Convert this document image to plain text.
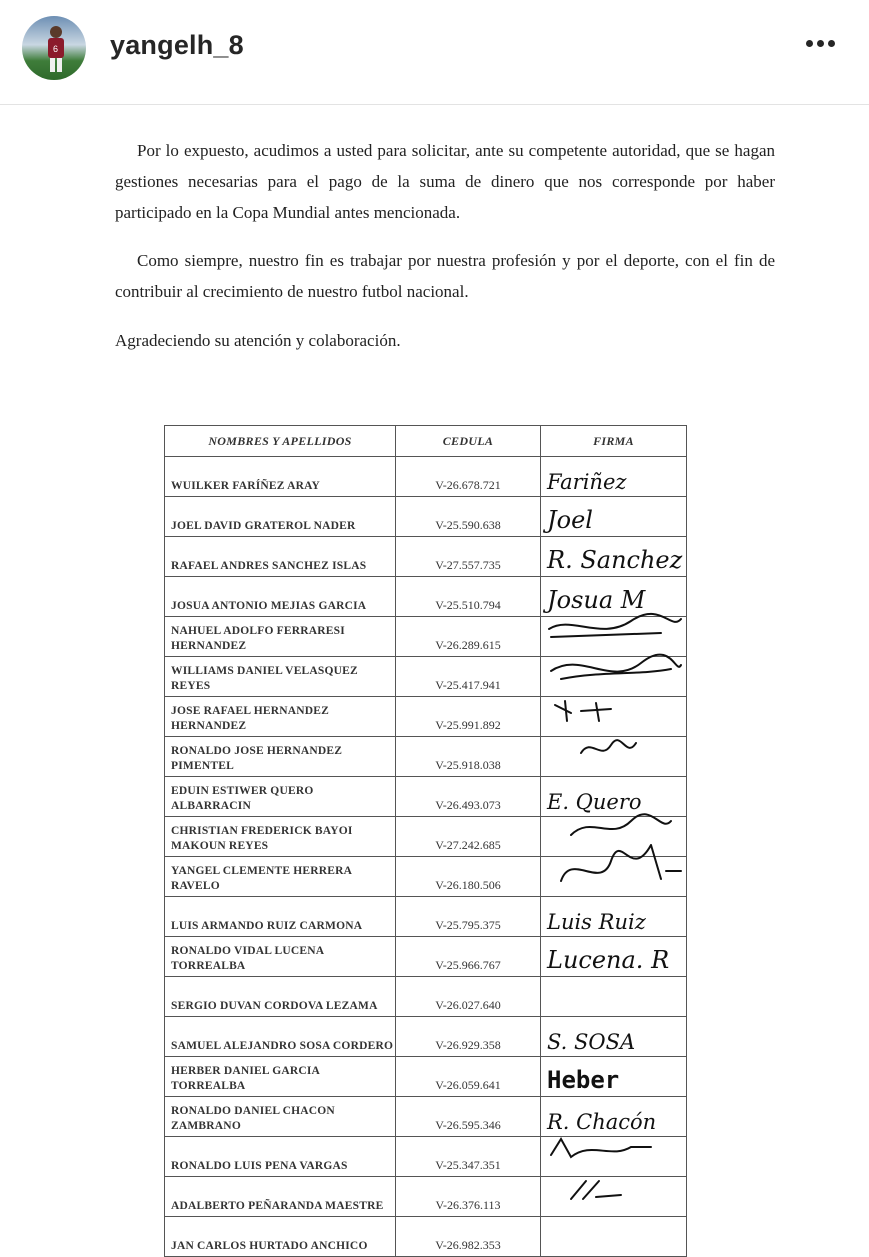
6 yangelh_8

Por lo expuesto, acudimos a usted para solicitar, ante su competente autoridad, que se hagan gestiones necesarias para el pago de la suma de dinero que nos corresponde por haber participado en la Copa Mundial antes mencionada.

Como siempre, nuestro fin es trabajar por nuestra profesión y por el deporte, con el fin de contribuir al crecimiento de nuestro futbol nacional.

Agradeciendo su atención y colaboración.

NOMBRES Y APELLIDOS	CEDULA	FIRMA
WUILKER FARÍÑEZ ARAY	V-26.678.721	Fariñez

JOEL DAVID GRATEROL NADER	V-25.590.638	Joel

RAFAEL ANDRES SANCHEZ ISLAS	V-27.557.735	R. Sanchez

JOSUA ANTONIO MEJIAS GARCIA	V-25.510.794	Josua M

NAHUEL ADOLFO FERRARESI HERNANDEZ	V-26.289.615	

WILLIAMS DANIEL VELASQUEZ REYES	V-25.417.941	

JOSE RAFAEL HERNANDEZ HERNANDEZ	V-25.991.892	

RONALDO JOSE HERNANDEZ PIMENTEL	V-25.918.038	

EDUIN ESTIWER QUERO ALBARRACIN	V-26.493.073	E. Quero

CHRISTIAN FREDERICK BAYOI MAKOUN REYES	V-27.242.685	

YANGEL CLEMENTE HERRERA RAVELO	V-26.180.506	

LUIS ARMANDO RUIZ CARMONA	V-25.795.375	Luis Ruiz

RONALDO VIDAL LUCENA TORREALBA	V-25.966.767	Lucena. R

SERGIO DUVAN CORDOVA LEZAMA	V-26.027.640	
SAMUEL ALEJANDRO SOSA CORDERO	V-26.929.358	S. SOSA

HERBER DANIEL GARCIA TORREALBA	V-26.059.641	Heber

RONALDO DANIEL CHACON ZAMBRANO	V-26.595.346	R. Chacón

RONALDO LUIS PENA VARGAS	V-25.347.351	

ADALBERTO PEÑARANDA MAESTRE	V-26.376.113	

JAN CARLOS HURTADO ANCHICO	V-26.982.353	
